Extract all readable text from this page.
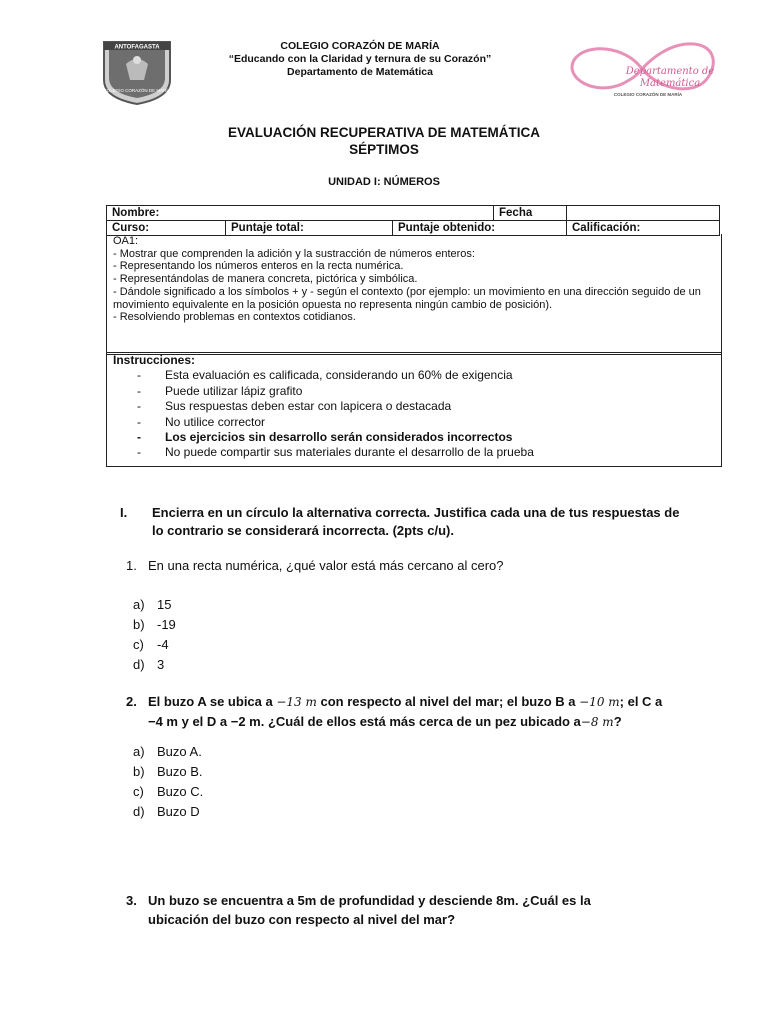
ANTOFAGASTA
COLEGIO CORAZÓN DE MARÍA
COLEGIO CORAZÓN DE MARÍA
“Educando con la Claridad y ternura de su Corazón”
Departamento de Matemática	Departamento de
Matemática
COLEGIO CORAZÓN DE MARÍA
EVALUACIÓN RECUPERATIVA DE MATEMÁTICA
SÉPTIMOS
UNIDAD I: NÚMEROS
Nombre:			Fecha	
Curso:	Puntaje total:	Puntaje obtenido:		Calificación:

OA1:

- Mostrar que comprenden la adición y la sustracción de números enteros:

- Representando los números enteros en la recta numérica.

- Representándolas de manera concreta, pictórica y simbólica.

- Dándole significado a los símbolos + y - según el contexto (por ejemplo: un movimiento en una dirección seguido de un movimiento equivalente en la posición opuesta no representa ningún cambio de posición).

- Resolviendo problemas en contextos cotidianos.

Instrucciones:
- Esta evaluación es calificada, considerando un 60% de exigencia
- Puede utilizar lápiz grafito
- Sus respuestas deben estar con lapicera o destacada
- No utilice corrector
- Los ejercicios sin desarrollo serán considerados incorrectos
- No puede compartir sus materiales durante el desarrollo de la prueba
I. Encierra en un círculo la alternativa correcta. Justifica cada una de tus respuestas de lo contrario se considerará incorrecta. (2pts c/u).
1. En una recta numérica, ¿qué valor está más cercano al cero?
a) 15
b) -19
c) -4
d) 3
2. El buzo A se ubica a −13 m con respecto al nivel del mar; el buzo B a −10 m; el C a
−4 m y el D a −2 m. ¿Cuál de ellos está más cerca de un pez ubicado a−8 m?
a) Buzo A.
b) Buzo B.
c) Buzo C.
d) Buzo D
3. Un buzo se encuentra a 5m de profundidad y desciende 8m. ¿Cuál es la
ubicación del buzo con respecto al nivel del mar?
